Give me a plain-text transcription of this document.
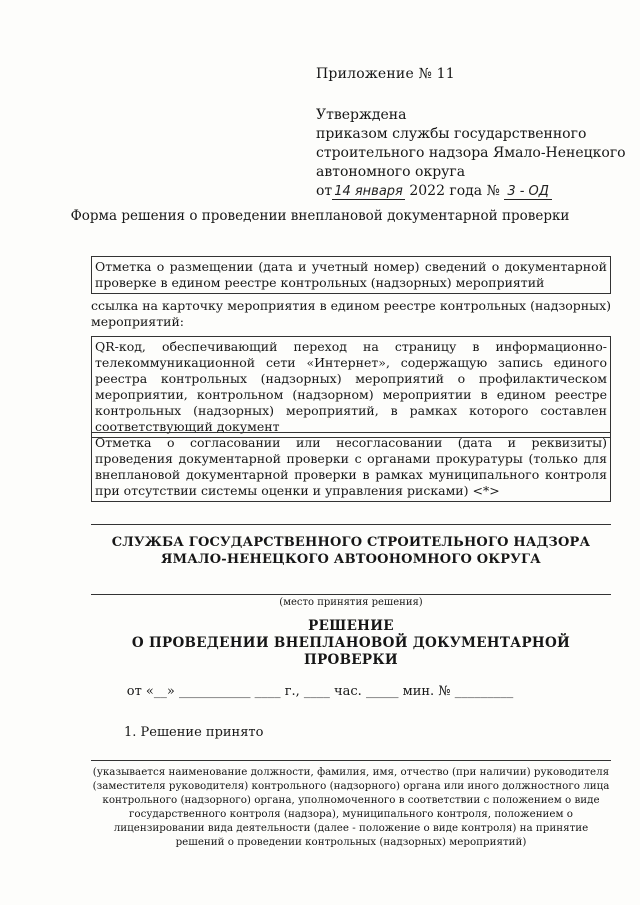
Приложение № 11
Утверждена
приказом службы государственного
строительного надзора Ямало-Ненецкого
автономного округа
от 14 января 2022 года № 3 - ОД
Форма решения о проведении внеплановой документарной проверки
Отметка о размещении (дата и учетный номер) сведений о документарной проверке в едином реестре контрольных (надзорных) мероприятий
ссылка на карточку мероприятия в едином реестре контрольных (надзорных) мероприятий:
QR-код, обеспечивающий переход на страницу в информационно-телекоммуникационной сети «Интернет», содержащую запись единого реестра контрольных (надзорных) мероприятий о профилактическом мероприятии, контрольном (надзорном) мероприятии в едином реестре контрольных (надзорных) мероприятий, в рамках которого составлен соответствующий документ
Отметка о согласовании или несогласовании (дата и реквизиты) проведения документарной проверки с органами прокуратуры (только для внеплановой документарной проверки в рамках муниципального контроля при отсутствии системы оценки и управления рисками) <*>
СЛУЖБА ГОСУДАРСТВЕННОГО СТРОИТЕЛЬНОГО НАДЗОРА
ЯМАЛО-НЕНЕЦКОГО АВТООНОМНОГО ОКРУГА
(место принятия решения)
РЕШЕНИЕ
О ПРОВЕДЕНИИ ВНЕПЛАНОВОЙ ДОКУМЕНТАРНОЙ ПРОВЕРКИ
от «__» ___________ ____ г., ____ час. _____ мин. № _________
1. Решение принято
(указывается наименование должности, фамилия, имя, отчество (при наличии) руководителя (заместителя руководителя) контрольного (надзорного) органа или иного должностного лица контрольного (надзорного) органа, уполномоченного в соответствии с положением о виде государственного контроля (надзора), муниципального контроля, положением о лицензировании вида деятельности (далее - положение о виде контроля) на принятие решений о проведении контрольных (надзорных) мероприятий)
